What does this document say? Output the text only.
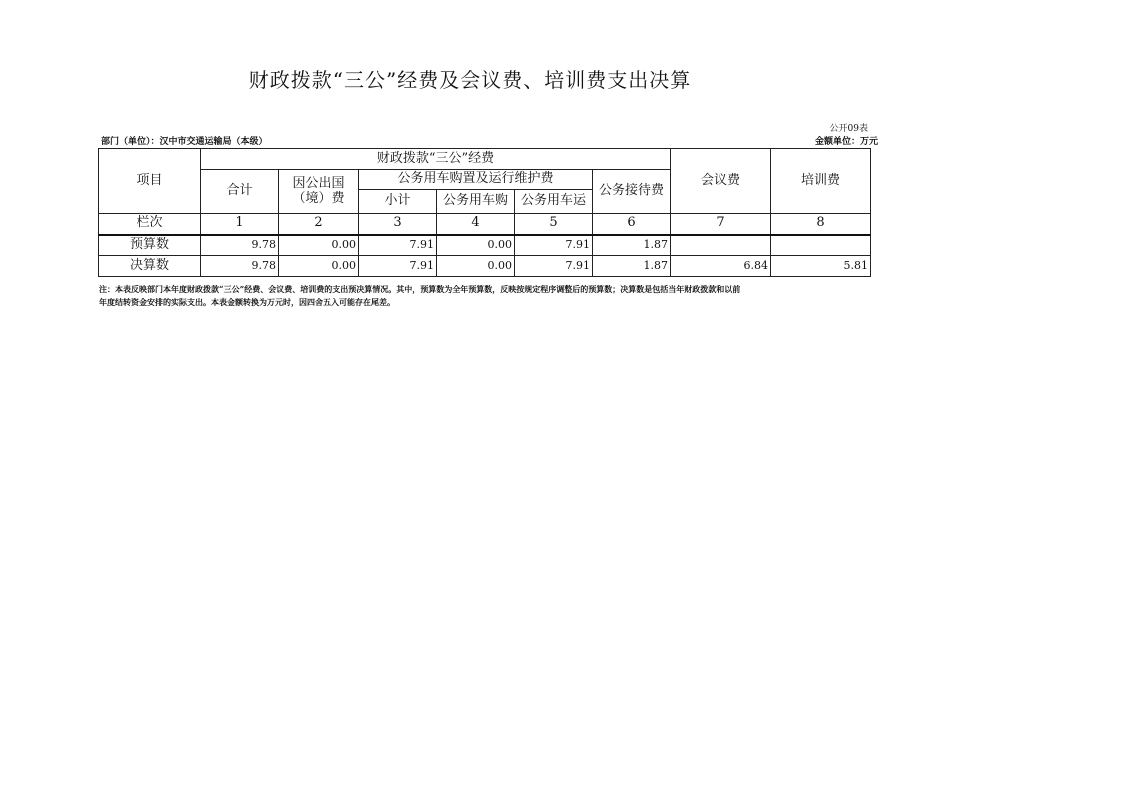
财政拨款“三公”经费及会议费、培训费支出决算
公开09表
金额单位：万元
部门（单位）：汉中市交通运输局（本级）
项目	财政拨款“三公”经费						会议费	培训费
	合计	因公出国（境）费	公务用车购置及运行维护费			公务接待费		
			小计	公务用车购	公务用车运			
栏次	1	2	3	4	5	6	7	8
预算数	9.78	0.00	7.91	0.00	7.91	1.87		
决算数	9.78	0.00	7.91	0.00	7.91	1.87	6.84	5.81
注：本表反映部门本年度财政拨款“三公”经费、会议费、培训费的支出预决算情况。其中，预算数为全年预算数，反映按规定程序调整后的预算数；决算数是包括当年财政拨款和以前
年度结转资金安排的实际支出。本表金额转换为万元时，因四舍五入可能存在尾差。
